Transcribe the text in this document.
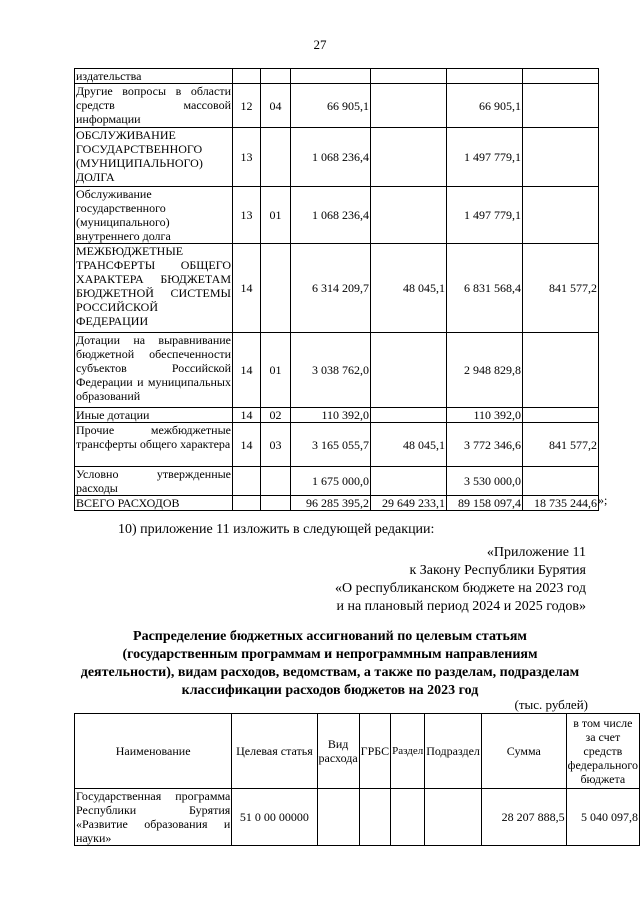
27
издательства						
Другие вопросы в области средств массовой информации	12	04	66 905,1		66 905,1	
ОБСЛУЖИВАНИЕ ГОСУДАРСТВЕННОГО (МУНИЦИПАЛЬНОГО) ДОЛГА	13		1 068 236,4		1 497 779,1	
Обслуживание государственного (муниципального) внутреннего долга	13	01	1 068 236,4		1 497 779,1	
МЕЖБЮДЖЕТНЫЕ ТРАНСФЕРТЫ ОБЩЕГО ХАРАКТЕРА БЮДЖЕТАМ БЮДЖЕТНОЙ СИСТЕМЫ РОССИЙСКОЙ ФЕДЕРАЦИИ	14		6 314 209,7	48 045,1	6 831 568,4	841 577,2
Дотации на выравнивание бюджетной обеспеченности субъектов Российской Федерации и муниципальных образований	14	01	3 038 762,0		2 948 829,8	
Иные дотации	14	02	110 392,0		110 392,0	
Прочие межбюджетные трансферты общего характера	14	03	3 165 055,7	48 045,1	3 772 346,6	841 577,2
Условно утвержденные расходы			1 675 000,0		3 530 000,0	
ВСЕГО РАСХОДОВ			96 285 395,2	29 649 233,1	89 158 097,4	18 735 244,6 »;
10) приложение 11 изложить в следующей редакции:
«Приложение 11
к Закону Республики Бурятия
«О республиканском бюджете на 2023 год
и на плановый период 2024 и 2025 годов»
Распределение бюджетных ассигнований по целевым статьям (государственным программам и непрограммным направлениям деятельности), видам расходов, ведомствам, а также по разделам, подразделам классификации расходов бюджетов на 2023 год
(тыс. рублей)
Наименование	Целевая статья	Вид расхода	ГРБС	Раздел	Подраздел	Сумма	в том числе за счет средств федерального бюджета
Государственная программа Республики Бурятия «Развитие образования и науки»	51 0 00 00000					28 207 888,5	5 040 097,8
